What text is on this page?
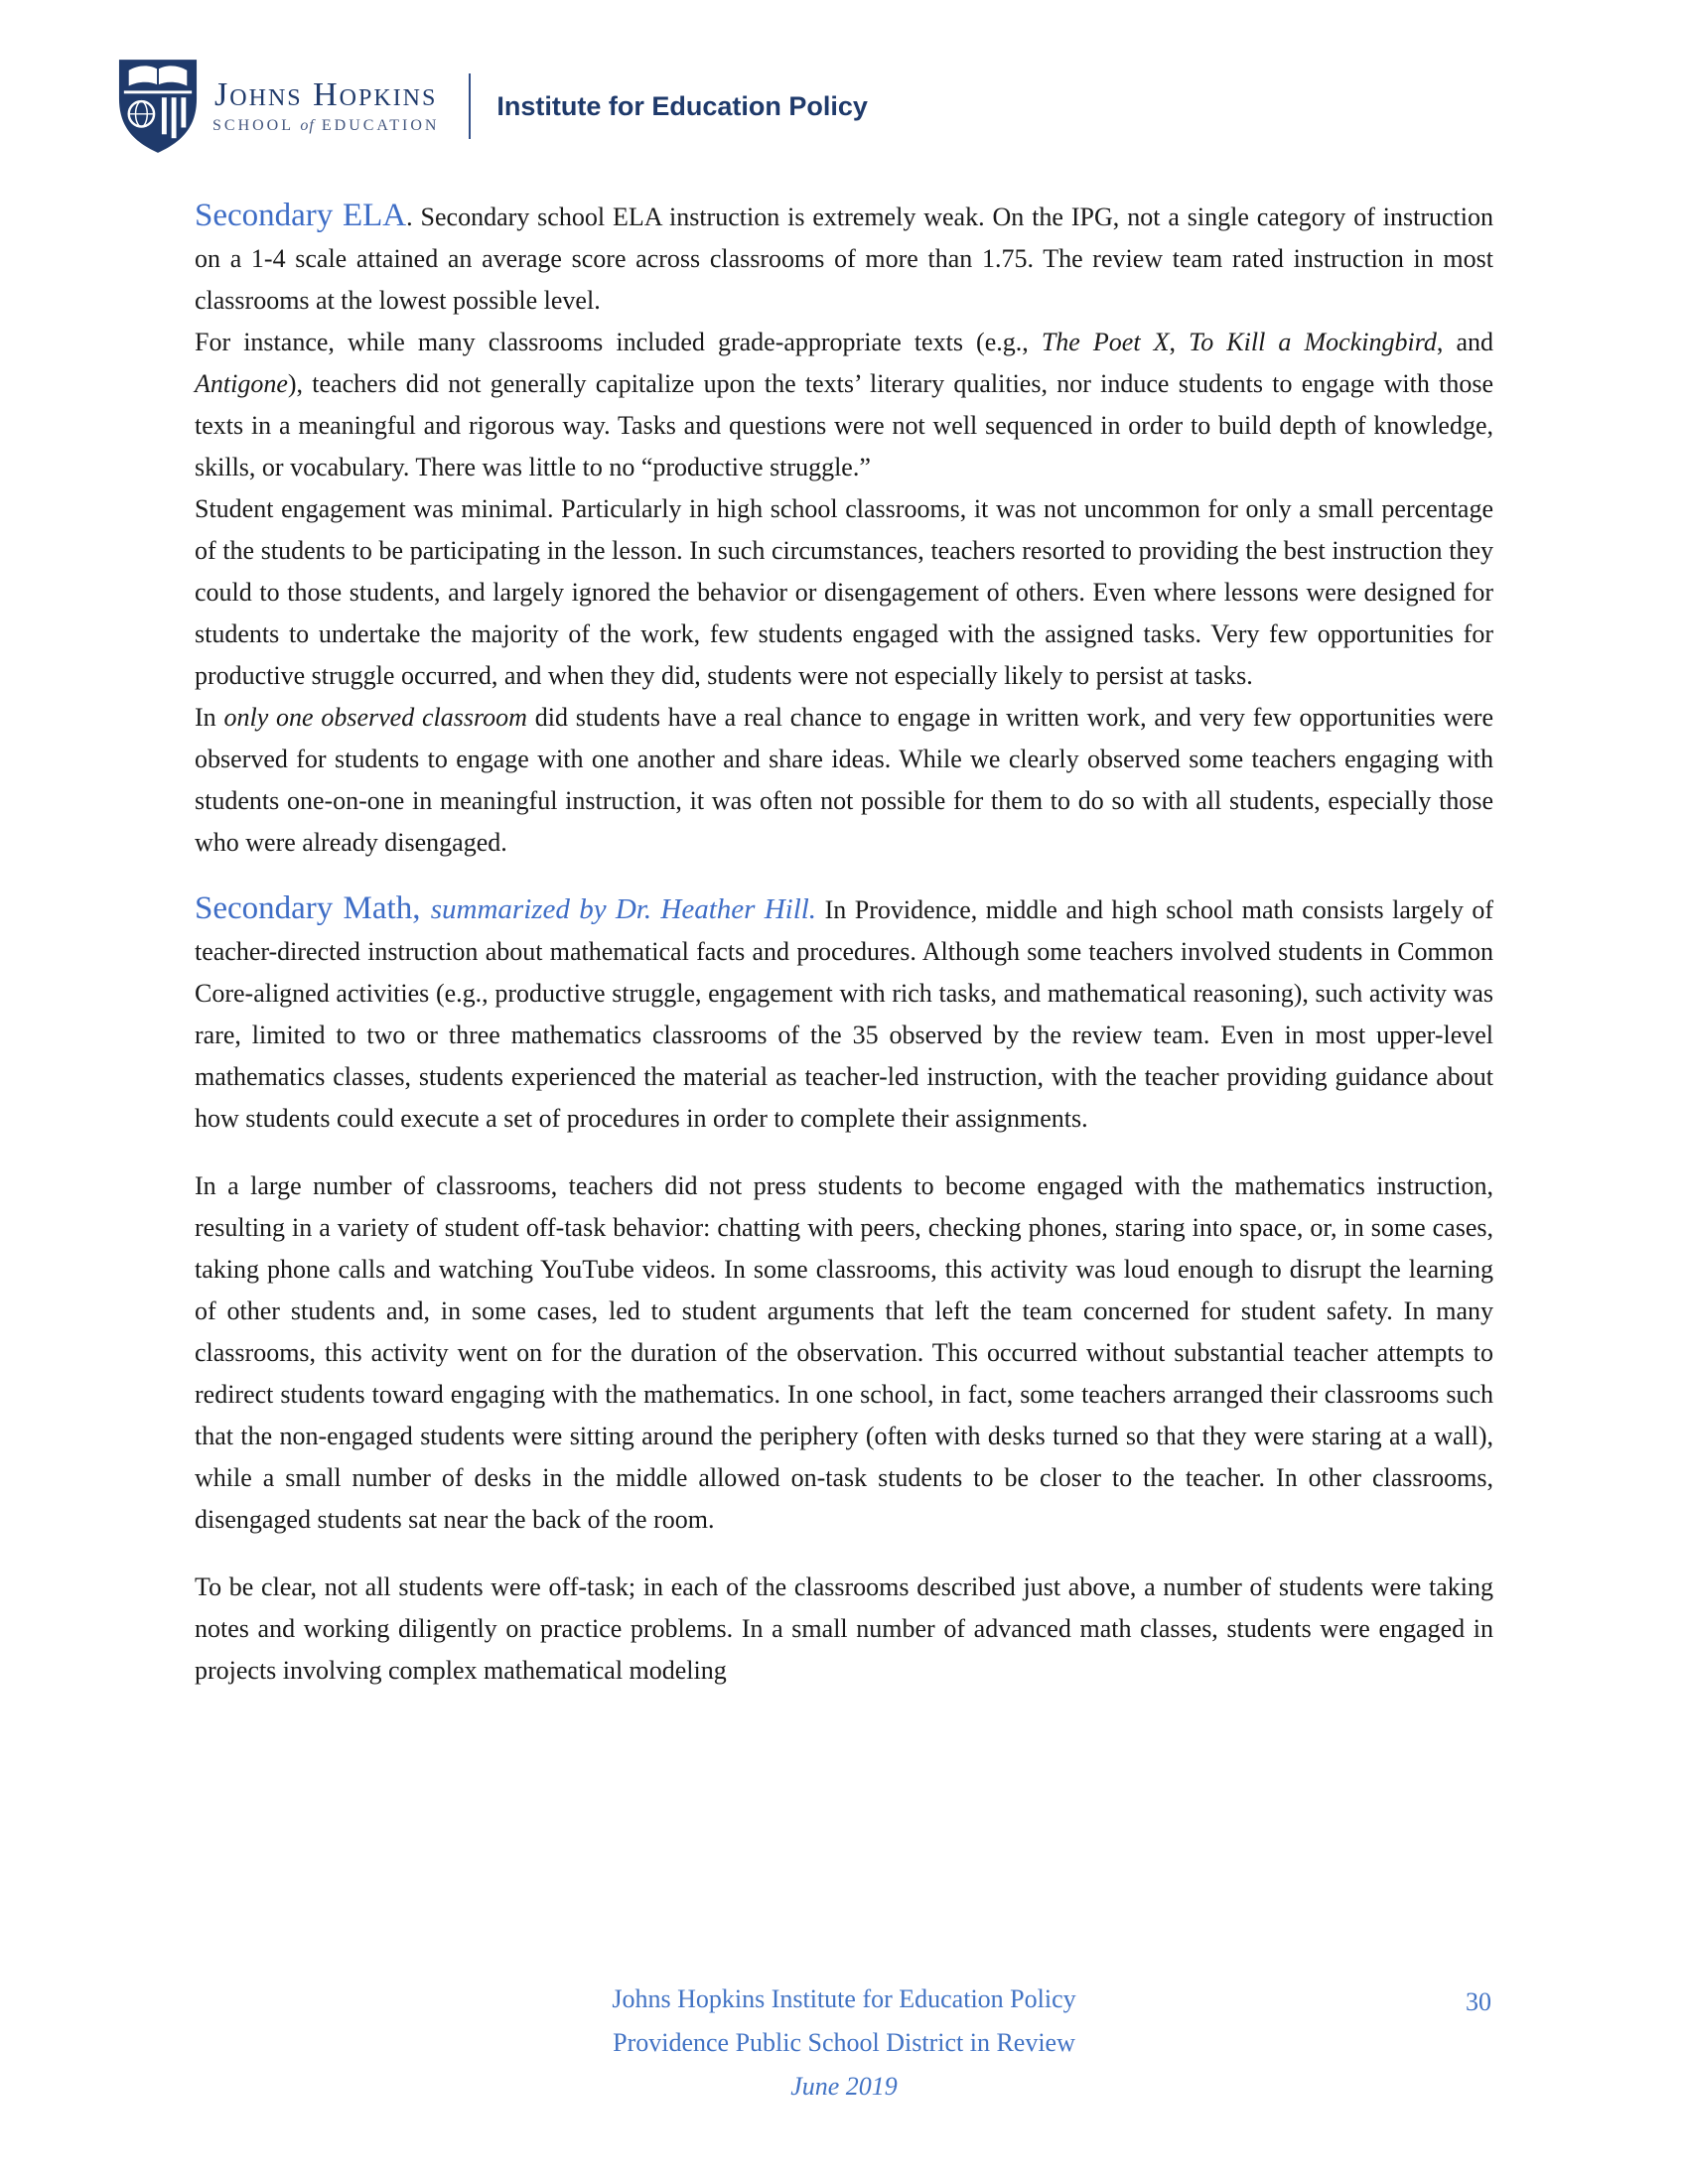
Johns Hopkins
SCHOOL of EDUCATION
Institute for Education Policy

Secondary ELA. Secondary school ELA instruction is extremely weak. On the IPG, not a single category of instruction on a 1-4 scale attained an average score across classrooms of more than 1.75. The review team rated instruction in most classrooms at the lowest possible level.

For instance, while many classrooms included grade-appropriate texts (e.g., The Poet X, To Kill a Mockingbird, and Antigone), teachers did not generally capitalize upon the texts’ literary qualities, nor induce students to engage with those texts in a meaningful and rigorous way. Tasks and questions were not well sequenced in order to build depth of knowledge, skills, or vocabulary. There was little to no “productive struggle.”

Student engagement was minimal. Particularly in high school classrooms, it was not uncommon for only a small percentage of the students to be participating in the lesson. In such circumstances, teachers resorted to providing the best instruction they could to those students, and largely ignored the behavior or disengagement of others. Even where lessons were designed for students to undertake the majority of the work, few students engaged with the assigned tasks. Very few opportunities for productive struggle occurred, and when they did, students were not especially likely to persist at tasks.

In only one observed classroom did students have a real chance to engage in written work, and very few opportunities were observed for students to engage with one another and share ideas. While we clearly observed some teachers engaging with students one-on-one in meaningful instruction, it was often not possible for them to do so with all students, especially those who were already disengaged.

Secondary Math, summarized by Dr. Heather Hill. In Providence, middle and high school math consists largely of teacher-directed instruction about mathematical facts and procedures. Although some teachers involved students in Common Core-aligned activities (e.g., productive struggle, engagement with rich tasks, and mathematical reasoning), such activity was rare, limited to two or three mathematics classrooms of the 35 observed by the review team. Even in most upper-level mathematics classes, students experienced the material as teacher-led instruction, with the teacher providing guidance about how students could execute a set of procedures in order to complete their assignments.

In a large number of classrooms, teachers did not press students to become engaged with the mathematics instruction, resulting in a variety of student off-task behavior: chatting with peers, checking phones, staring into space, or, in some cases, taking phone calls and watching YouTube videos. In some classrooms, this activity was loud enough to disrupt the learning of other students and, in some cases, led to student arguments that left the team concerned for student safety. In many classrooms, this activity went on for the duration of the observation. This occurred without substantial teacher attempts to redirect students toward engaging with the mathematics. In one school, in fact, some teachers arranged their classrooms such that the non-engaged students were sitting around the periphery (often with desks turned so that they were staring at a wall), while a small number of desks in the middle allowed on-task students to be closer to the teacher. In other classrooms, disengaged students sat near the back of the room.

To be clear, not all students were off-task; in each of the classrooms described just above, a number of students were taking notes and working diligently on practice problems. In a small number of advanced math classes, students were engaged in projects involving complex mathematical modeling

Johns Hopkins Institute for Education Policy
Providence Public School District in Review
June 2019
30
